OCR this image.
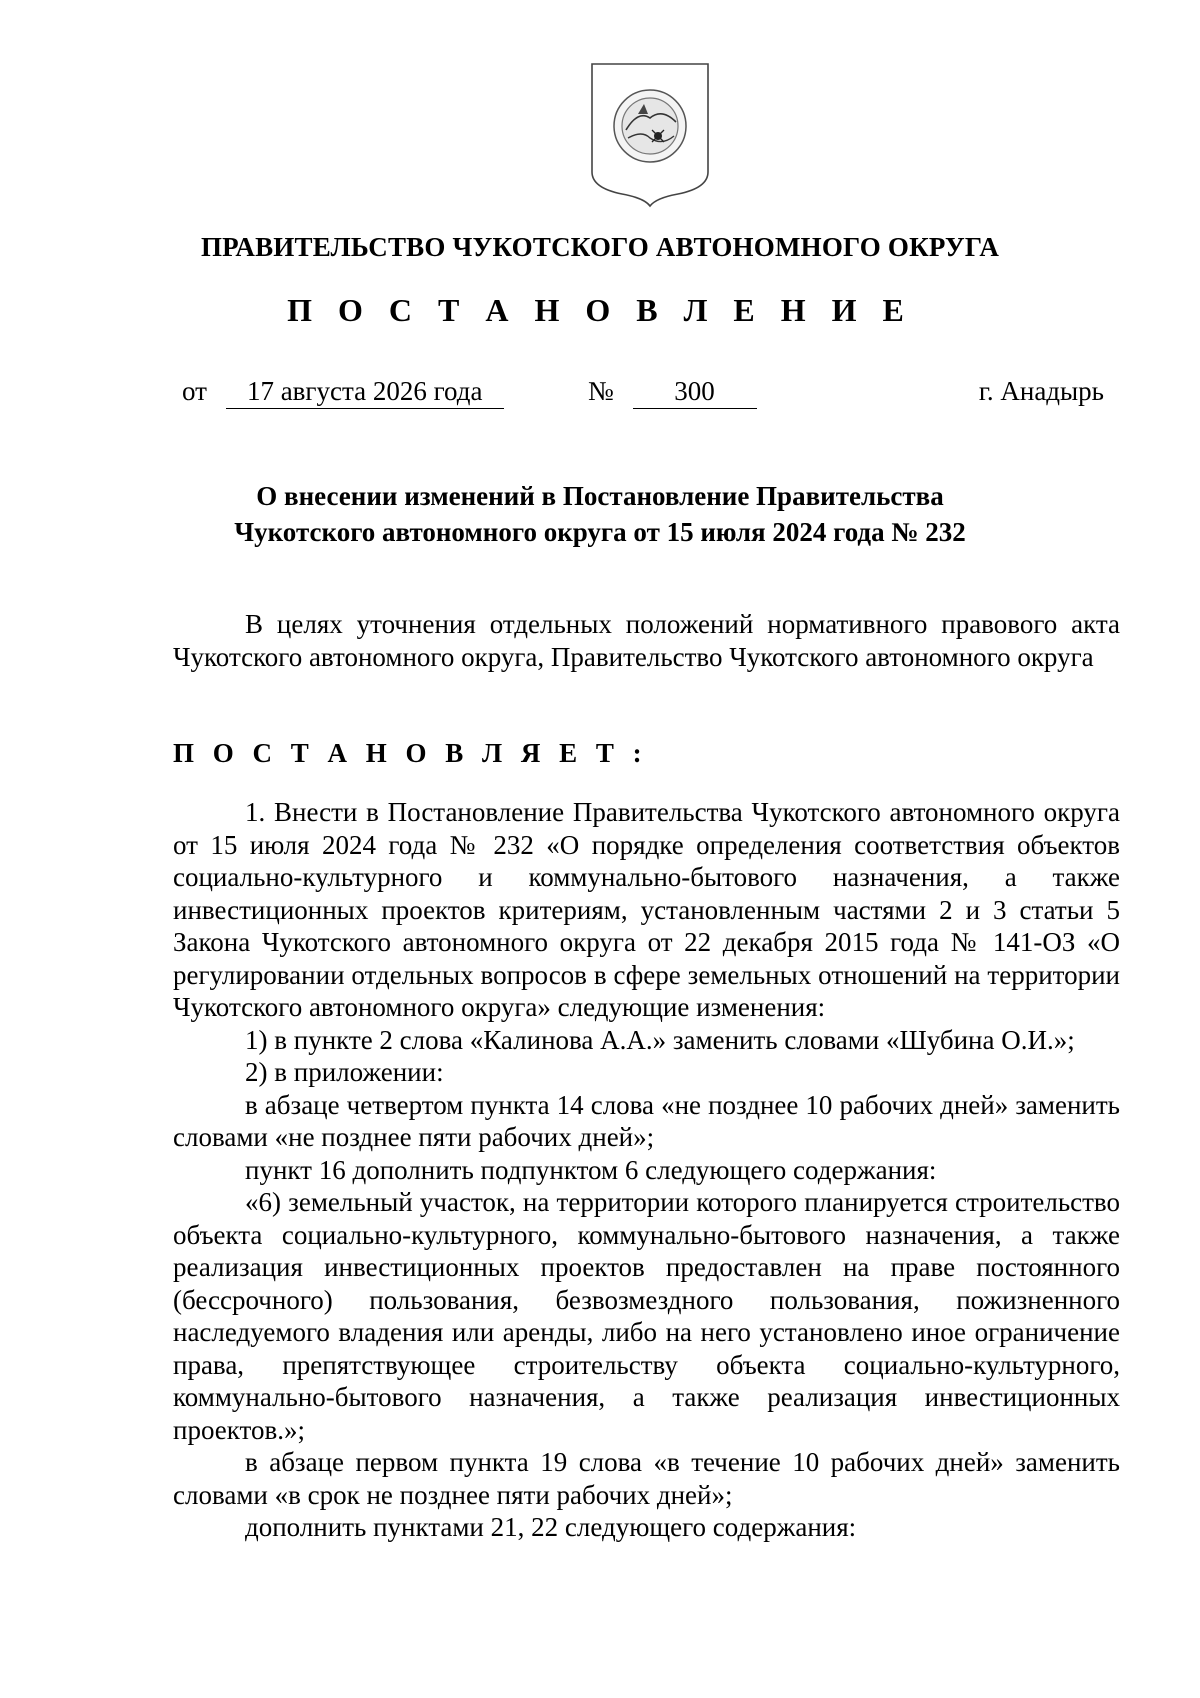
ПРАВИТЕЛЬСТВО ЧУКОТСКОГО АВТОНОМНОГО ОКРУГА
П О С Т А Н О В Л Е Н И Е
от 17 августа 2026 года	№ 300	г. Анадырь
О внесении изменений в Постановление Правительства
Чукотского автономного округа от 15 июля 2024 года № 232

В целях уточнения отдельных положений нормативного правового акта Чукотского автономного округа, Правительство Чукотского автономного округа

П О С Т А Н О В Л Я Е Т :

1. Внести в Постановление Правительства Чукотского автономного округа от 15 июля 2024 года № 232 «О порядке определения соответствия объектов социально-культурного и коммунально-бытового назначения, а также инвестиционных проектов критериям, установленным частями 2 и 3 статьи 5 Закона Чукотского автономного округа от 22 декабря 2015 года № 141-ОЗ «О регулировании отдельных вопросов в сфере земельных отношений на территории Чукотского автономного округа» следующие изменения:

1) в пункте 2 слова «Калинова А.А.» заменить словами «Шубина О.И.»;

2) в приложении:

в абзаце четвертом пункта 14 слова «не позднее 10 рабочих дней» заменить словами «не позднее пяти рабочих дней»;

пункт 16 дополнить подпунктом 6 следующего содержания:

«6) земельный участок, на территории которого планируется строительство объекта социально-культурного, коммунально-бытового назначения, а также реализация инвестиционных проектов предоставлен на праве постоянного (бессрочного) пользования, безвозмездного пользования, пожизненного наследуемого владения или аренды, либо на него установлено иное ограничение права, препятствующее строительству объекта социально-культурного, коммунально-бытового назначения, а также реализация инвестиционных проектов.»;

в абзаце первом пункта 19 слова «в течение 10 рабочих дней» заменить словами «в срок не позднее пяти рабочих дней»;

дополнить пунктами 21, 22 следующего содержания:
